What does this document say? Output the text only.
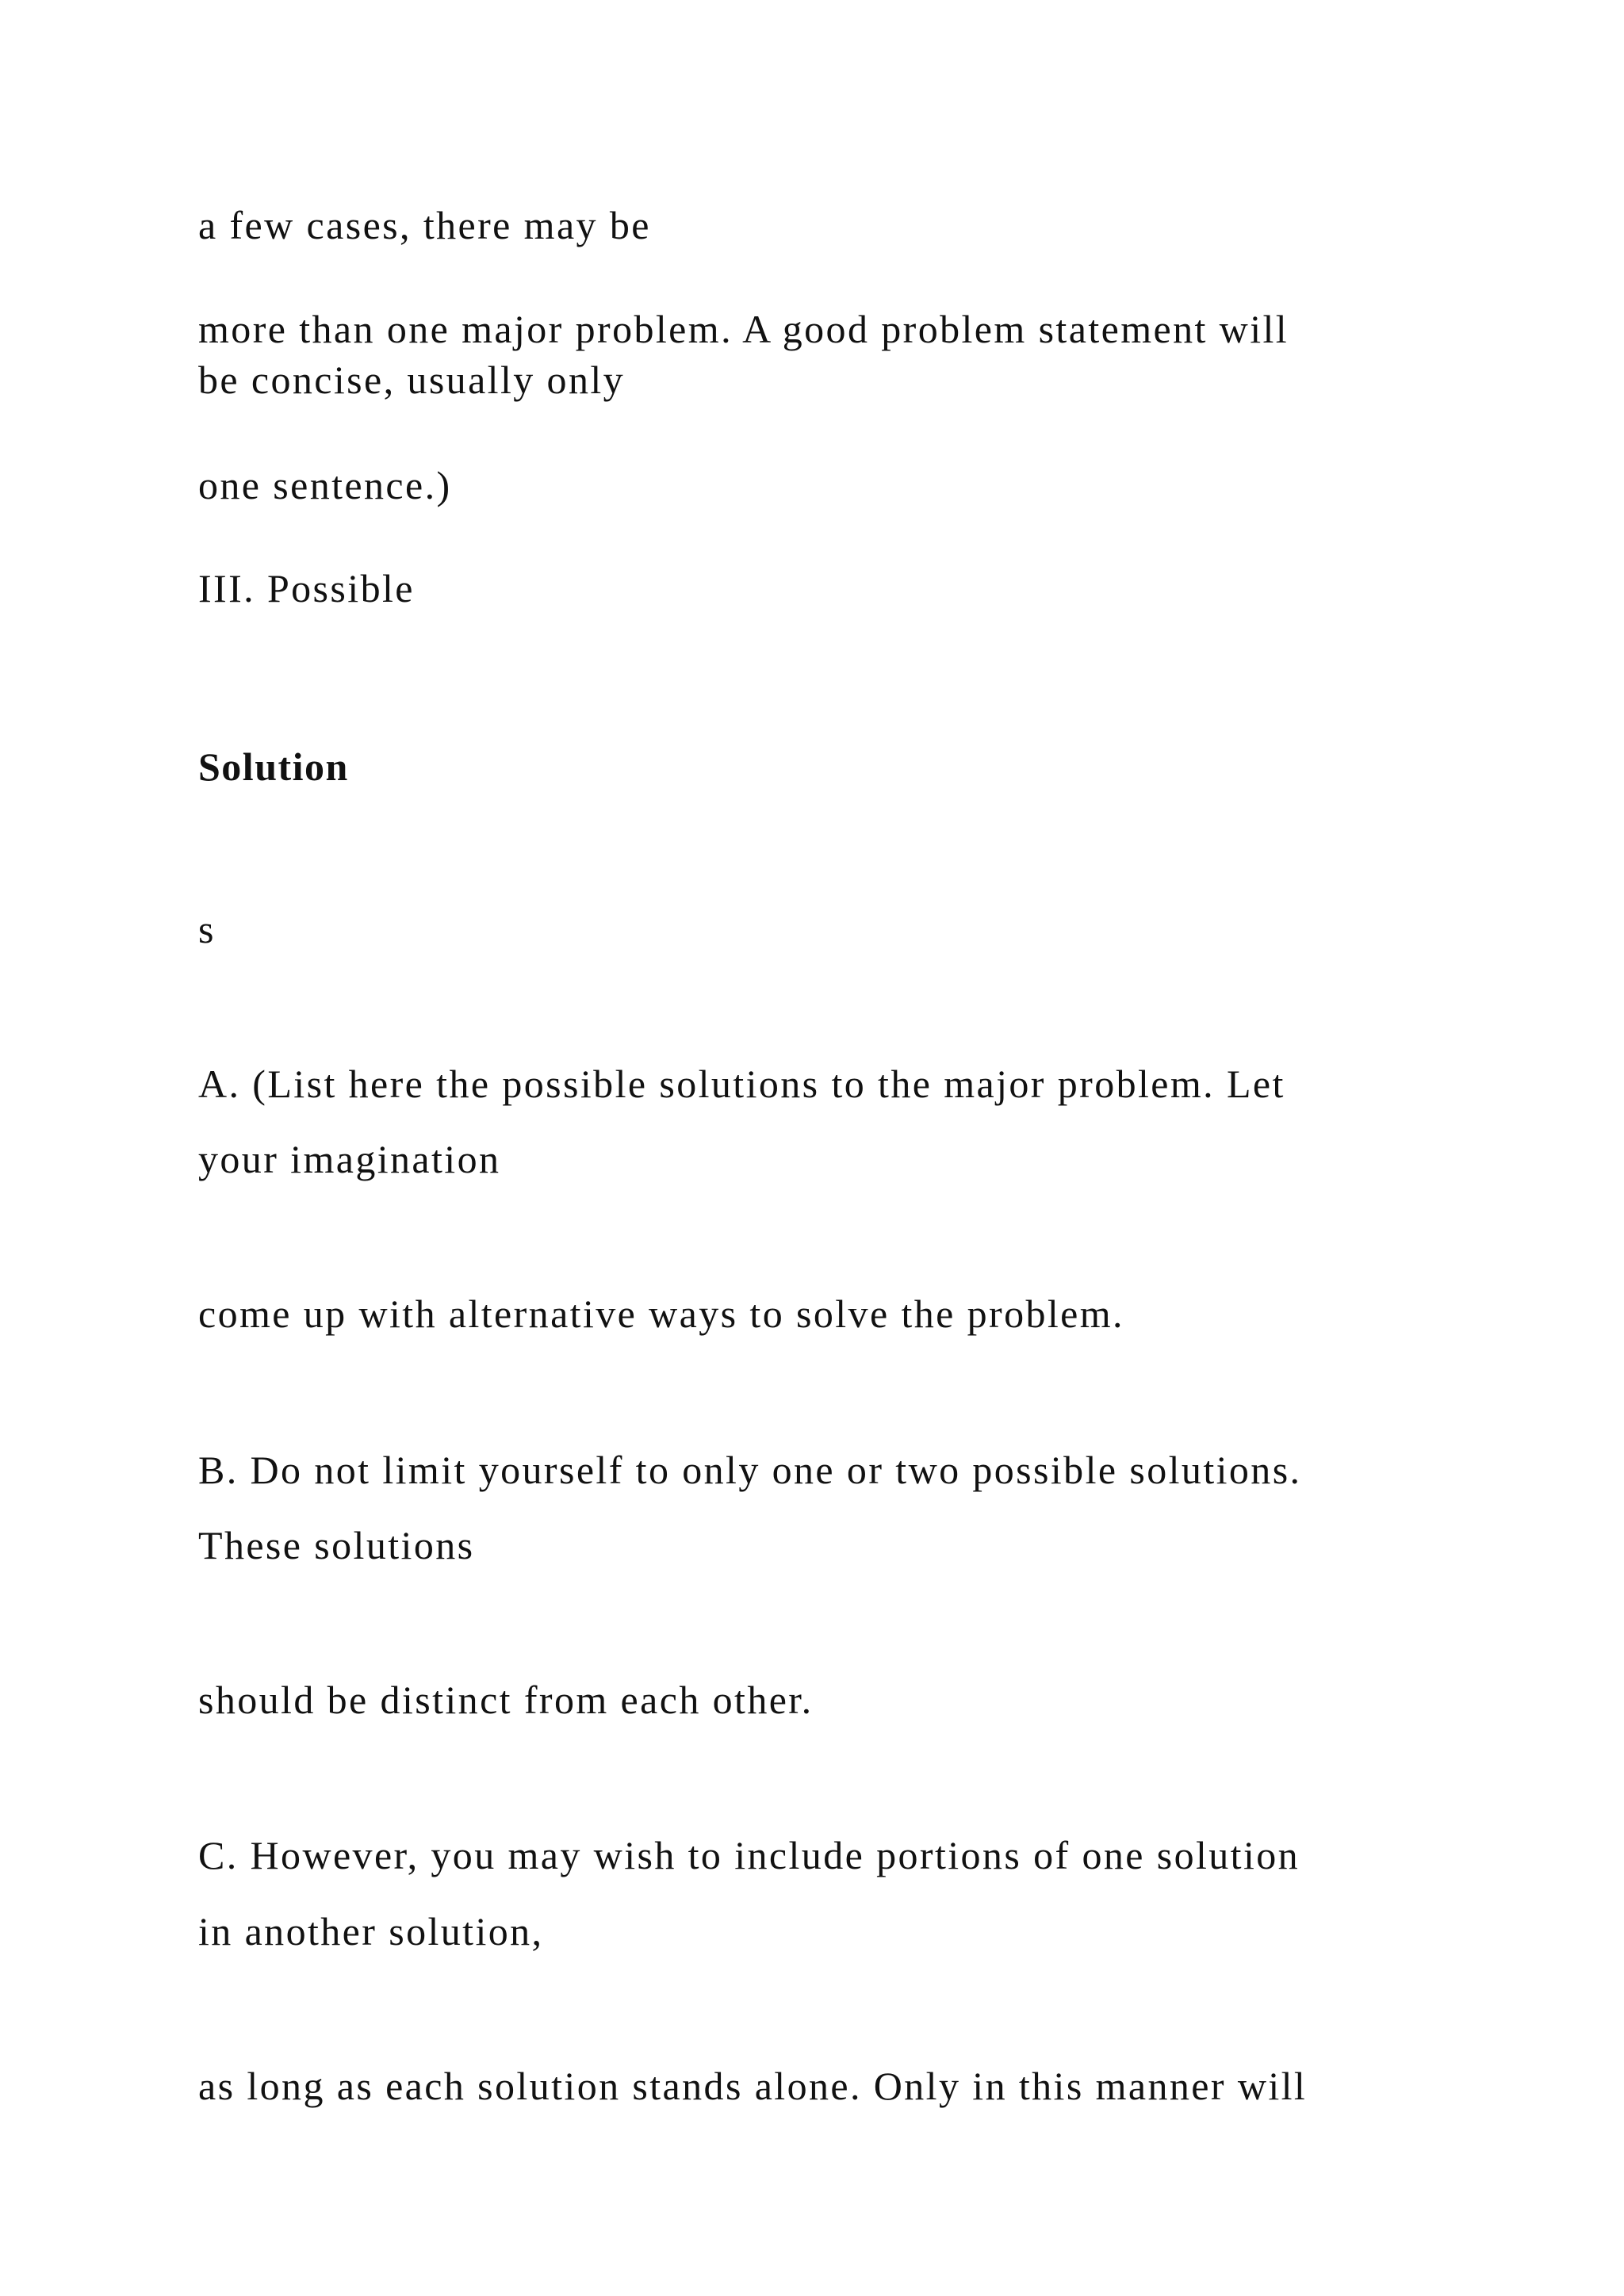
a few cases, there may be

more than one major problem. A good problem statement will

be concise, usually only

one sentence.)

III. Possible

Solution

s

A. (List here the possible solutions to the major problem. Let

your imagination

come up with alternative ways to solve the problem.

B. Do not limit yourself to only one or two possible solutions.

These solutions

should be distinct from each other.

C. However, you may wish to include portions of one solution

in another solution,

as long as each solution stands alone. Only in this manner will
